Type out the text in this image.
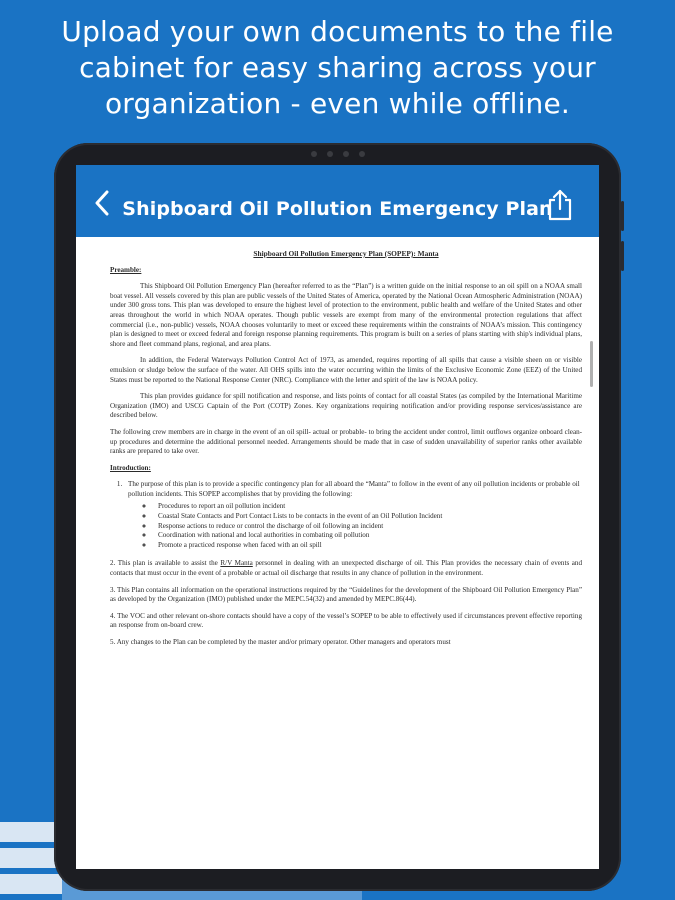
Upload your own documents to the file
cabinet for easy sharing across your
organization - even while offline.
Shipboard Oil Pollution Emergency Plan
Shipboard Oil Pollution Emergency Plan (SOPEP): Manta
Preamble:

This Shipboard Oil Pollution Emergency Plan (hereafter referred to as the “Plan”) is a written guide on the initial response to an oil spill on a NOAA small boat vessel. All vessels covered by this plan are public vessels of the United States of America, operated by the National Ocean Atmospheric Administration (NOAA) under 300 gross tons. This plan was developed to ensure the highest level of protection to the environment, public health and welfare of the United States and other areas throughout the world in which NOAA operates. Though public vessels are exempt from many of the environmental protection regulations that affect commercial (i.e., non-public) vessels, NOAA chooses voluntarily to meet or exceed these requirements within the constraints of NOAA’s mission. This contingency plan is designed to meet or exceed federal and foreign response planning requirements. This program is built on a series of plans starting with ship's individual plans, shore and fleet command plans, regional, and area plans.

In addition, the Federal Waterways Pollution Control Act of 1973, as amended, requires reporting of all spills that cause a visible sheen on or visible emulsion or sludge below the surface of the water. All OHS spills into the water occurring within the limits of the Exclusive Economic Zone (EEZ) of the United States must be reported to the National Response Center (NRC). Compliance with the letter and spirit of the law is NOAA policy.

This plan provides guidance for spill notification and response, and lists points of contact for all coastal States (as compiled by the International Maritime Organization (IMO) and USCG Captain of the Port (COTP) Zones. Key organizations requiring notification and/or providing response services/assistance are described below.

The following crew members are in charge in the event of an oil spill- actual or probable- to bring the accident under control, limit outflows organize onboard clean-up procedures and determine the additional personnel needed. Arrangements should be made that in case of sudden unavailability of superior ranks other available ranks are prepared to take over.

Introduction:
1. The purpose of this plan is to provide a specific contingency plan for all aboard the “Manta” to follow in the event of any oil pollution incidents or probable oil pollution incidents. This SOPEP accomplishes that by providing the following:
◦ Procedures to report an oil pollution incident
◦ Coastal State Contacts and Port Contact Lists to be contacts in the event of an Oil Pollution Incident
◦ Response actions to reduce or control the discharge of oil following an incident
◦ Coordination with national and local authorities in combating oil pollution
◦ Promote a practiced response when faced with an oil spill

2. This plan is available to assist the R/V Manta personnel in dealing with an unexpected discharge of oil. This Plan provides the necessary chain of events and contacts that must occur in the event of a probable or actual oil discharge that results in any chance of pollution in the environment.

3. This Plan contains all information on the operational instructions required by the “Guidelines for the development of the Shipboard Oil Pollution Emergency Plan” as developed by the Organization (IMO) published under the MEPC.54(32) and amended by MEPC.86(44).

4. The VOC and other relevant on-shore contacts should have a copy of the vessel’s SOPEP to be able to effectively used if circumstances prevent effective reporting an response from on-board crew.

5. Any changes to the Plan can be completed by the master and/or primary operator. Other managers and operators must
